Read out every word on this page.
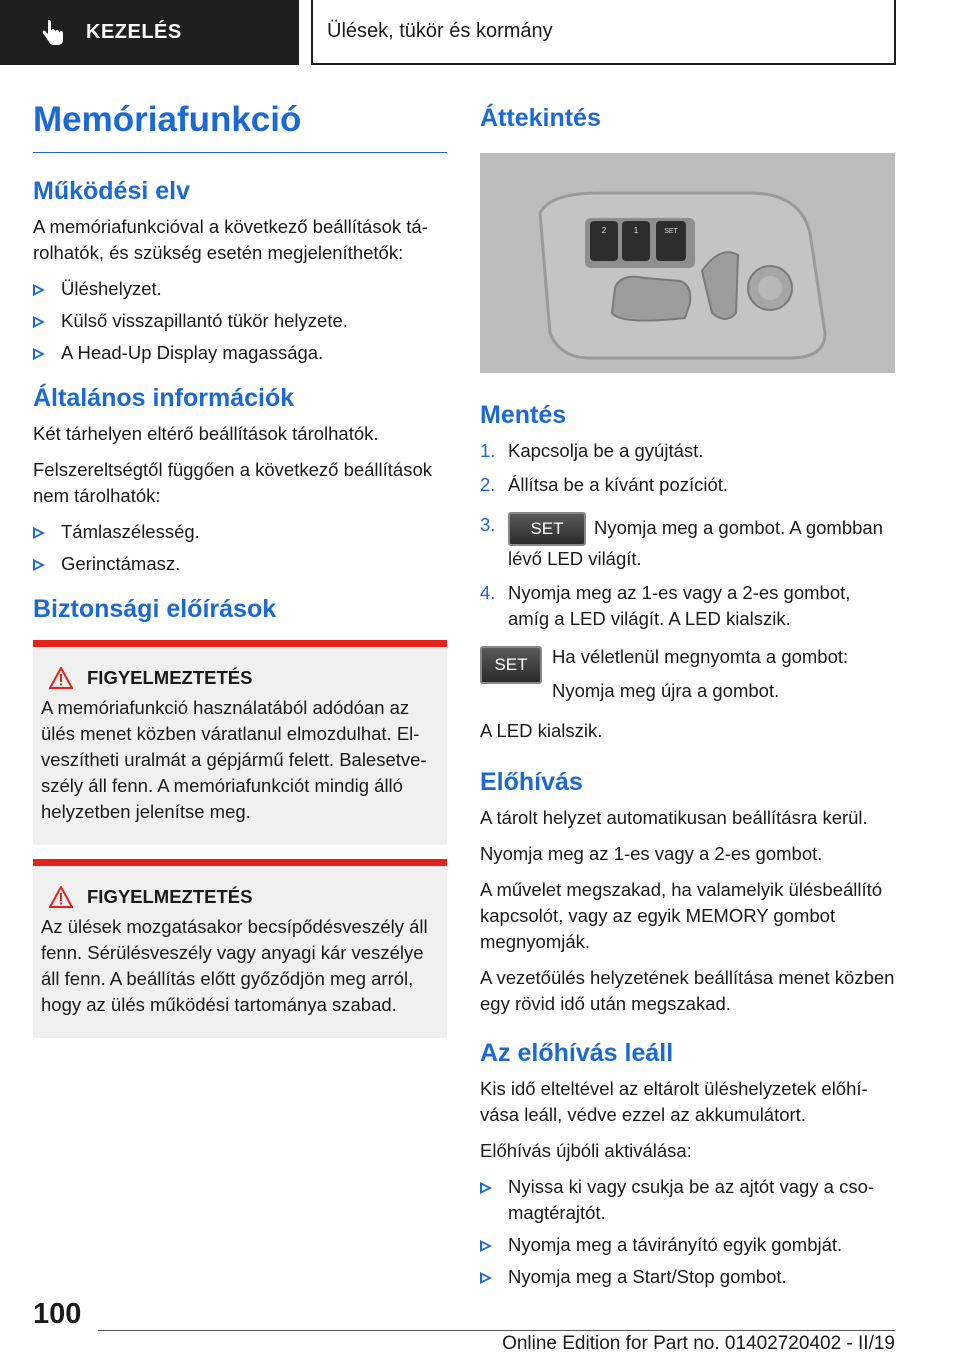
KEZELÉS	Ülések, tükör és kormány
Memóriafunkció
Működési elv

A memóriafunkcióval a következő beállítások tárolhatók, és szükség esetén megjeleníthetők:

Üléshelyzet.
Külső visszapillantó tükör helyzete.
A Head-Up Display magassága.
Általános információk

Két tárhelyen eltérő beállítások tárolhatók.

Felszereltségtől függően a következő beállítások nem tárolhatók:

Támlaszélesség.
Gerinctámasz.
Biztonsági előírások
FIGYELMEZTETÉS

A memóriafunkció használatából adódóan az ülés menet közben váratlanul elmozdulhat. Elveszítheti uralmát a gépjármű felett. Balesetveszély áll fenn. A memóriafunkciót mindig álló helyzetben jelenítse meg.

FIGYELMEZTETÉS

Az ülések mozgatásakor becsípődésveszély áll fenn. Sérülésveszély vagy anyagi kár veszélye áll fenn. A beállítás előtt győződjön meg arról, hogy az ülés működési tartománya szabad.

Áttekintés
2	1	SET
Mentés
1. Kapcsolja be a gyújtást.
2. Állítsa be a kívánt pozíciót.
3. SET Nyomja meg a gombot. A gombban lévő LED világít.
4. Nyomja meg az 1-es vagy a 2-es gombot, amíg a LED világít. A LED kialszik.
SET	Ha véletlenül megnyomta a gombot:

Nyomja meg újra a gombot.

A LED kialszik.

Előhívás

A tárolt helyzet automatikusan beállításra kerül.

Nyomja meg az 1-es vagy a 2-es gombot.

A művelet megszakad, ha valamelyik ülésbeállító kapcsolót, vagy az egyik MEMORY gombot megnyomják.

A vezetőülés helyzetének beállítása menet közben egy rövid idő után megszakad.

Az előhívás leáll

Kis idő elteltével az eltárolt üléshelyzetek előhívása leáll, védve ezzel az akkumulátort.

Előhívás újbóli aktiválása:

Nyissa ki vagy csukja be az ajtót vagy a csomagtérajtót.
Nyomja meg a távirányító egyik gombját.
Nyomja meg a Start/Stop gombot.
100
Online Edition for Part no. 01402720402 - II/19
